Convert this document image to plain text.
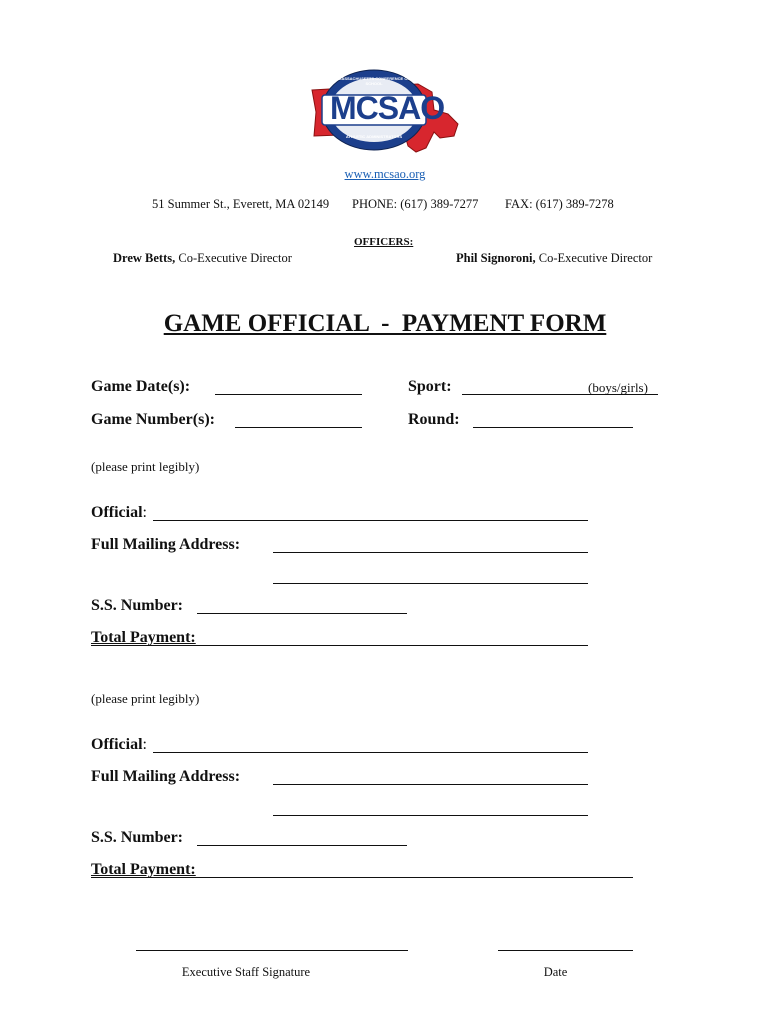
MCSAO
MASSACHUSETTS CONFERENCE OF SCHOOL
ATHLETIC ADMINISTRATORS
www.mcsao.org
51 Summer St., Everett, MA 02149 PHONE: (617) 389-7277 FAX: (617) 389-7278
OFFICERS:
Drew Betts, Co-Executive Director	Phil Signoroni, Co-Executive Director
GAME OFFICIAL  -  PAYMENT FORM
Game Date(s):	Sport:	(boys/girls)
Game Number(s):	Round:
(please print legibly)
Official:
Full Mailing Address:
S.S. Number:
Total Payment:
(please print legibly)
Official:
Full Mailing Address:
S.S. Number:
Total Payment:
Executive Staff Signature	Date
